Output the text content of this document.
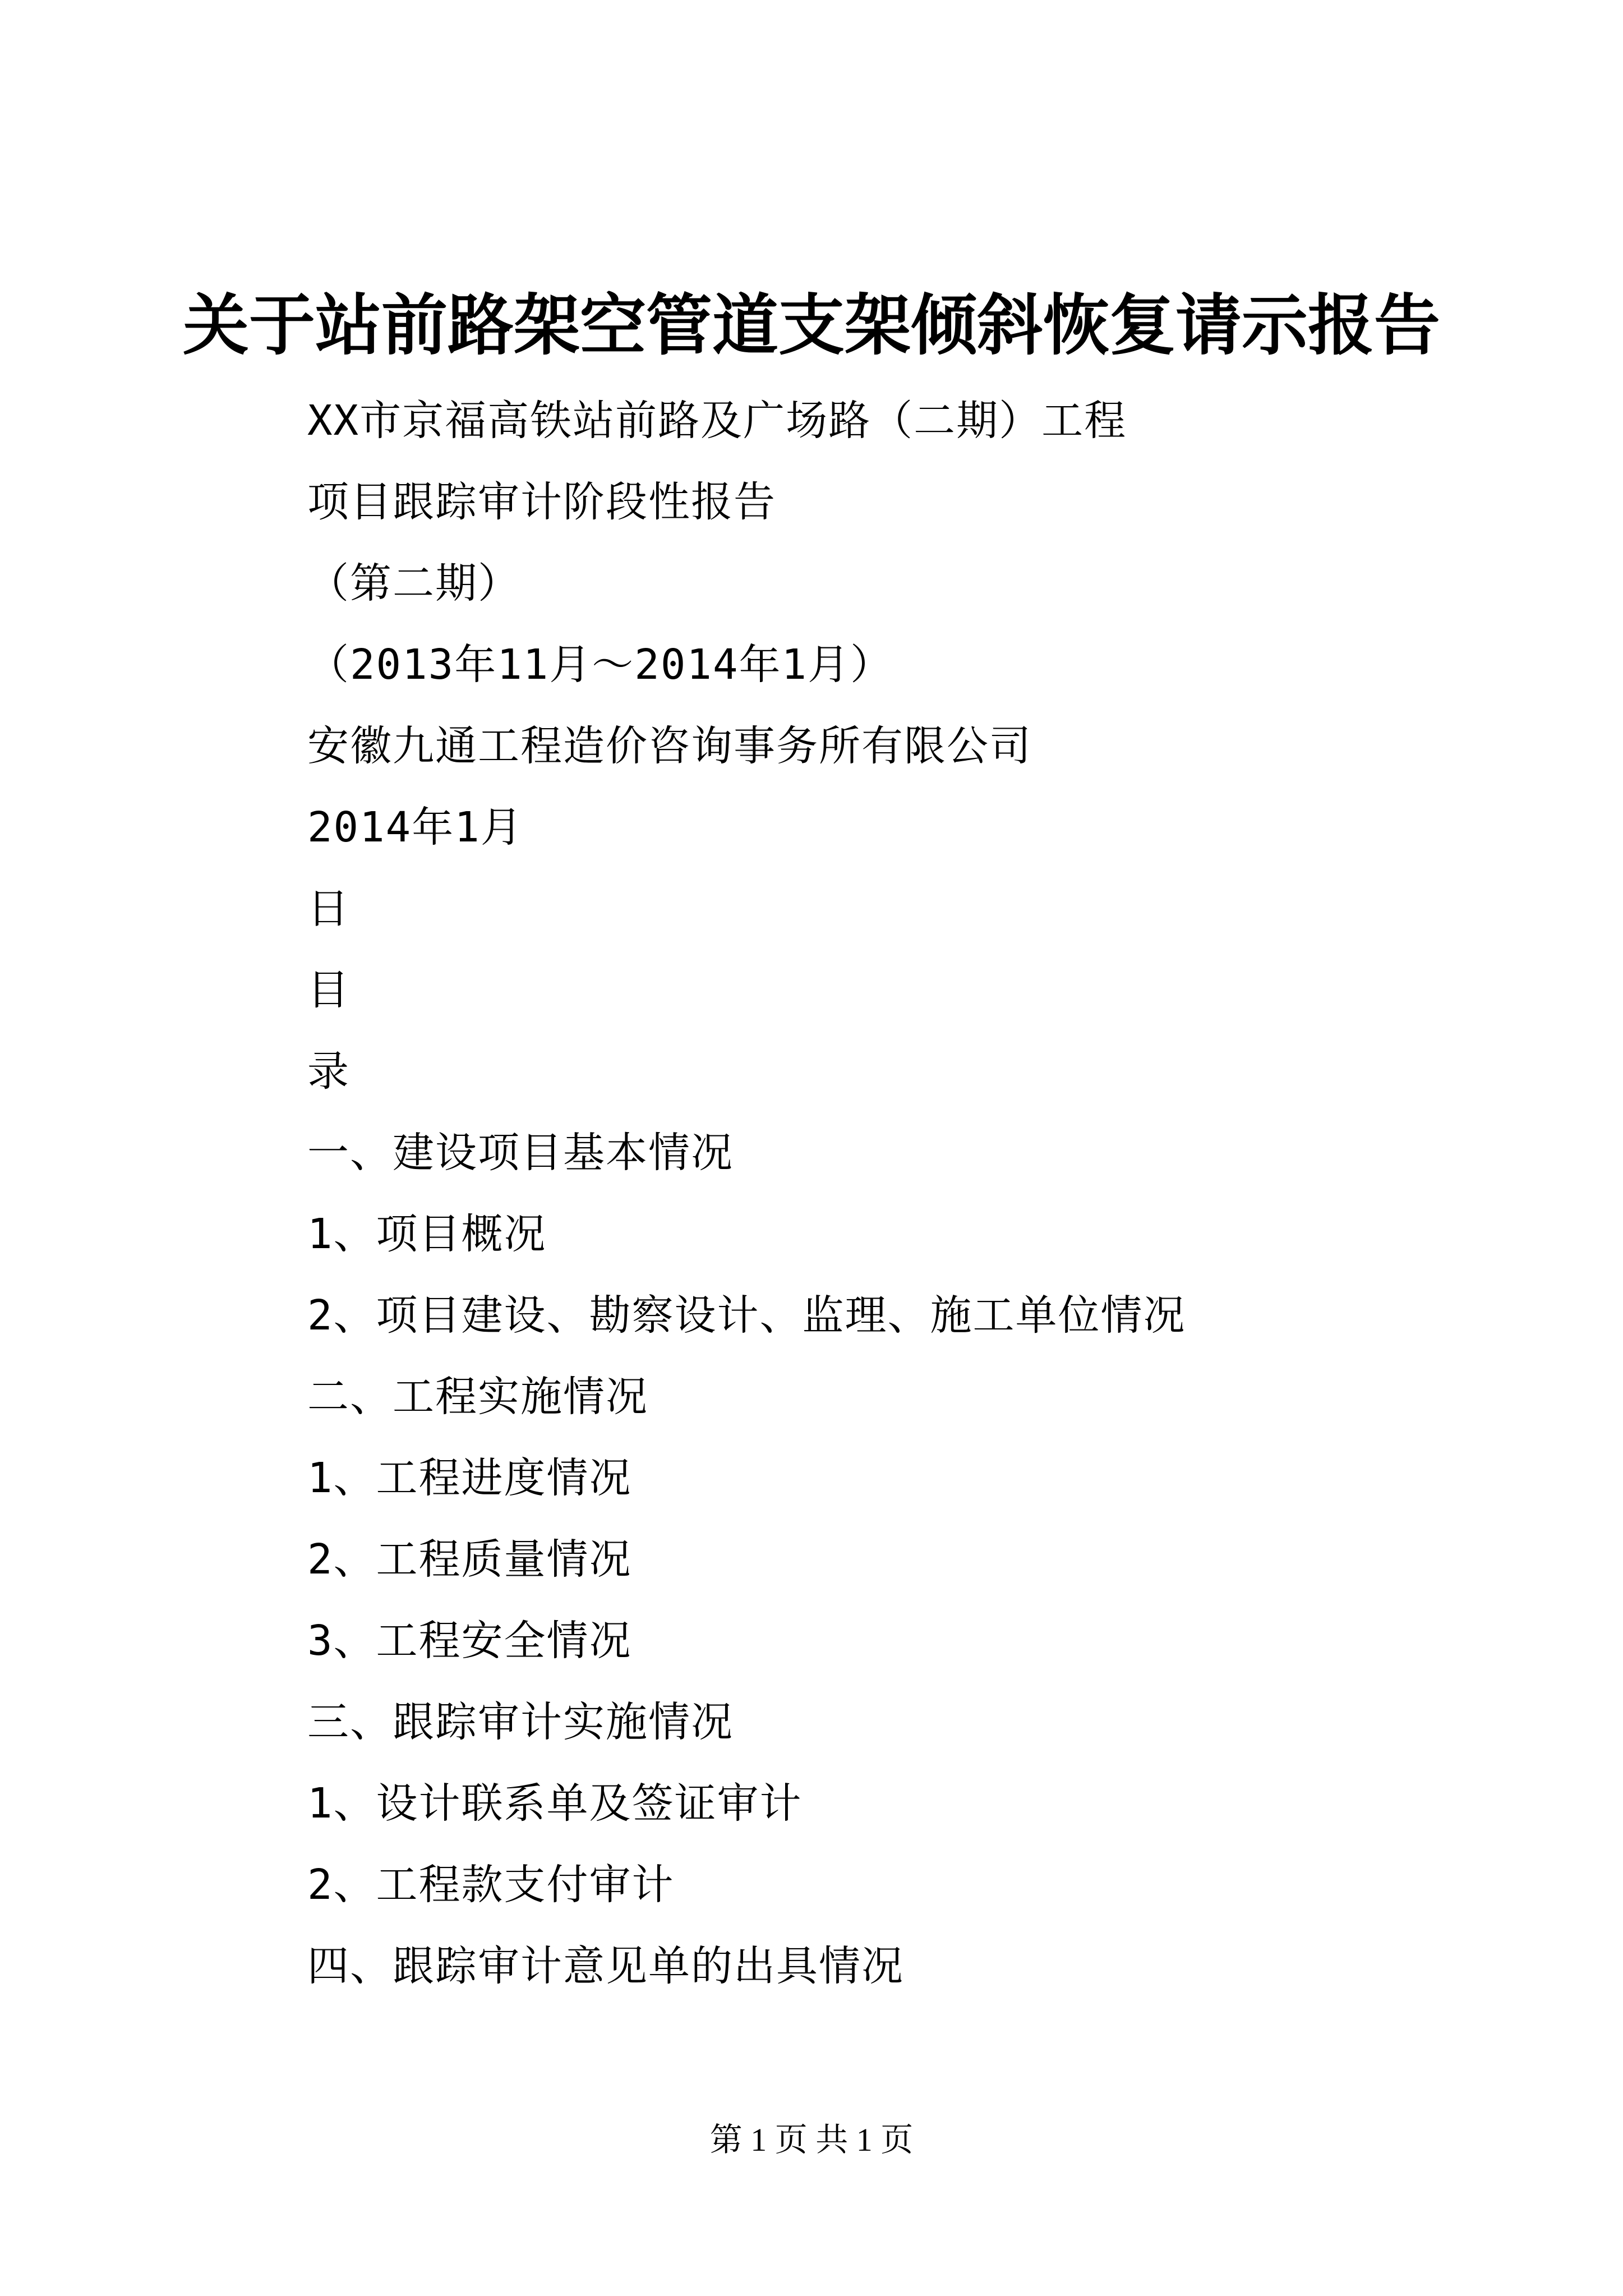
关于站前路架空管道支架倾斜恢复请示报告
XX市京福高铁站前路及广场路（二期）工程
项目跟踪审计阶段性报告
（第二期）
（2013年11月～2014年1月）
安徽九通工程造价咨询事务所有限公司
2014年1月
日
目
录
一、建设项目基本情况
1、项目概况
2、项目建设、勘察设计、监理、施工单位情况
二、工程实施情况
1、工程进度情况
2、工程质量情况
3、工程安全情况
三、跟踪审计实施情况
1、设计联系单及签证审计
2、工程款支付审计
四、跟踪审计意见单的出具情况
第 1 页 共 1 页
